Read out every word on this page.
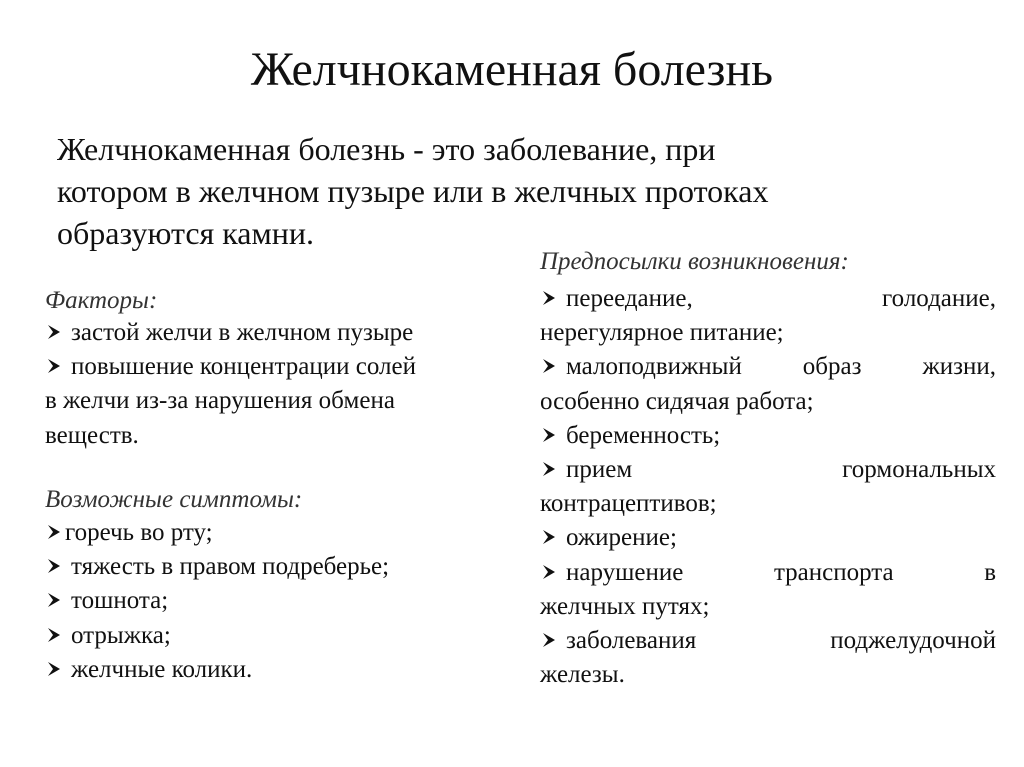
Желчнокаменная болезнь
Желчнокаменная болезнь - это заболевание, при
котором в желчном пузыре или в желчных протоках
образуются камни.
Факторы:
застой желчи в желчном пузыре
повышение концентрации солей
в желчи из-за нарушения обмена
веществ.
Возможные симптомы:
горечь во рту;
тяжесть в правом подреберье;
тошнота;
отрыжка;
желчные колики.
Предпосылки возникновения:
переедание,	голодание,
нерегулярное питание;
малоподвижный образ жизни,
особенно сидячая работа;
беременность;
прием	гормональных
контрацептивов;
ожирение;
нарушение	транспорта	в
желчных путях;
заболевания	поджелудочной
железы.
